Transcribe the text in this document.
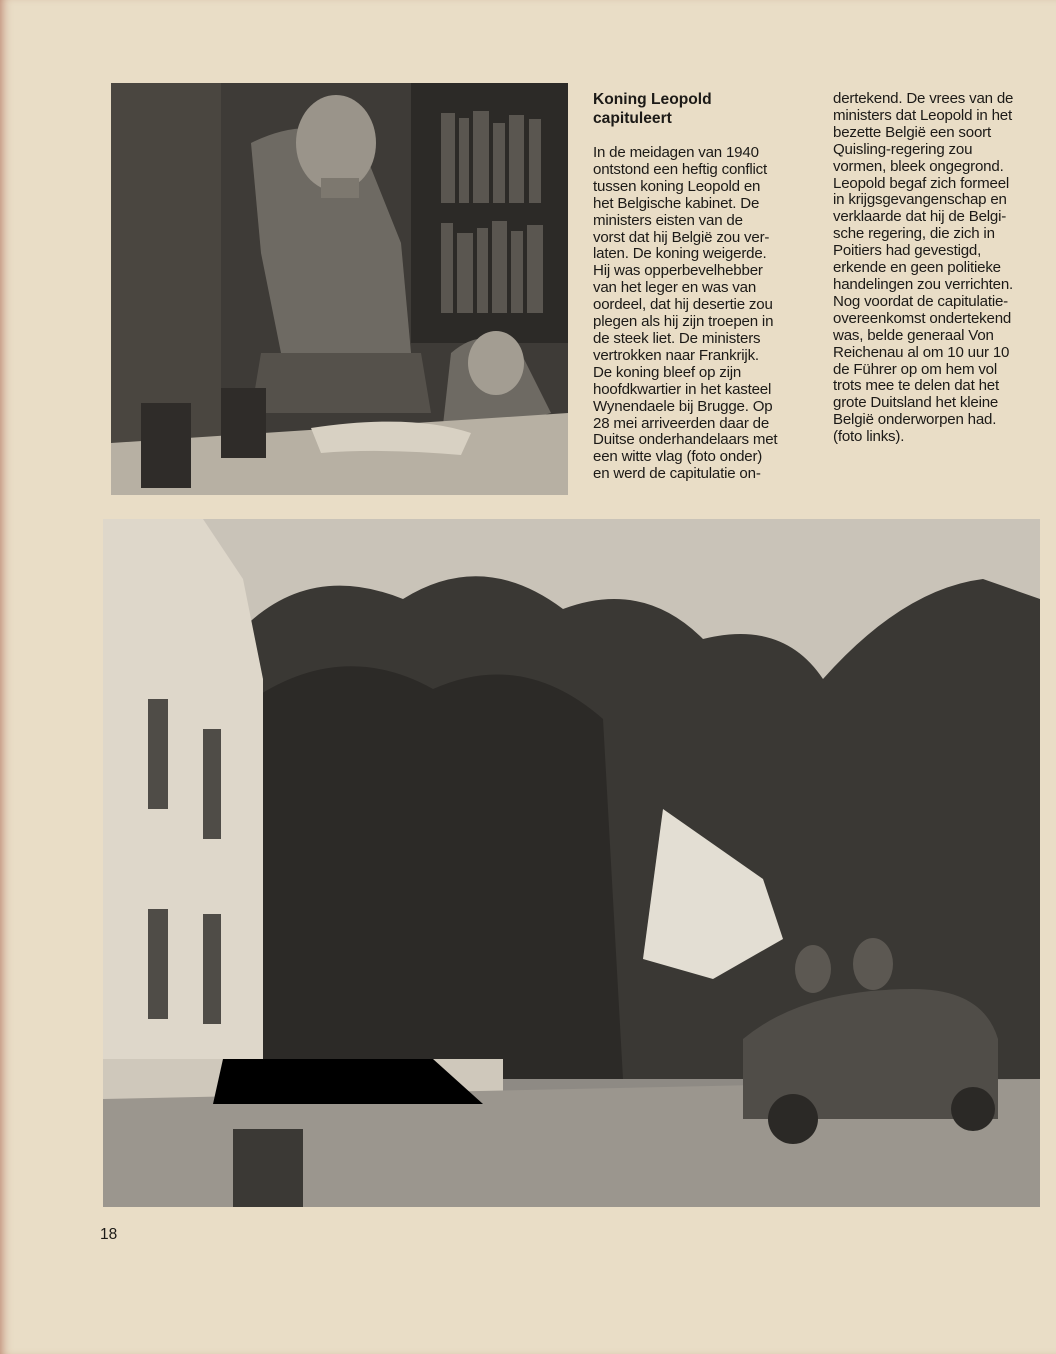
Koning Leopold
capituleert
In de meidagen van 1940
ontstond een heftig conflict
tussen koning Leopold en
het Belgische kabinet. De
ministers eisten van de
vorst dat hij België zou ver-
laten. De koning weigerde.
Hij was opperbevelhebber
van het leger en was van
oordeel, dat hij desertie zou
plegen als hij zijn troepen in
de steek liet. De ministers
vertrokken naar Frankrijk.
De koning bleef op zijn
hoofdkwartier in het kasteel
Wynendaele bij Brugge. Op
28 mei arriveerden daar de
Duitse onderhandelaars met
een witte vlag (foto onder)
en werd de capitulatie on-
dertekend. De vrees van de
ministers dat Leopold in het
bezette België een soort
Quisling-regering zou
vormen, bleek ongegrond.
Leopold begaf zich formeel
in krijgsgevangenschap en
verklaarde dat hij de Belgi-
sche regering, die zich in
Poitiers had gevestigd,
erkende en geen politieke
handelingen zou verrichten.
Nog voordat de capitulatie-
overeenkomst ondertekend
was, belde generaal Von
Reichenau al om 10 uur 10
de Führer op om hem vol
trots mee te delen dat het
grote Duitsland het kleine
België onderworpen had.
(foto links).

18
